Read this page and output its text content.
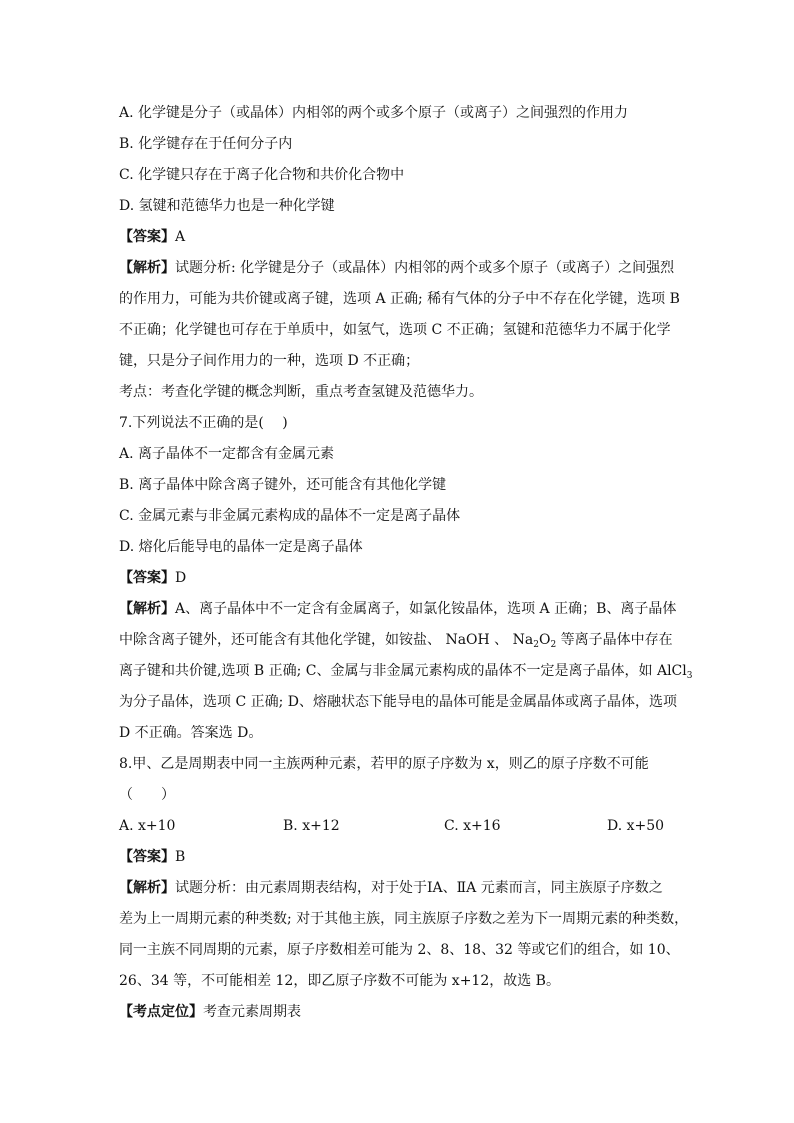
A. 化学键是分子（或晶体）内相邻的两个或多个原子（或离子）之间强烈的作用力
B. 化学键存在于任何分子内
C. 化学键只存在于离子化合物和共价化合物中
D. 氢键和范德华力也是一种化学键
【答案】A
【解析】试题分析: 化学键是分子（或晶体）内相邻的两个或多个原子（或离子）之间强烈
的作用力，可能为共价键或离子键，选项 A 正确; 稀有气体的分子中不存在化学键，选项 B
不正确；化学键也可存在于单质中，如氢气，选项 C 不正确；氢键和范德华力不属于化学
键，只是分子间作用力的一种，选项 D 不正确；
考点：考查化学键的概念判断，重点考查氢键及范德华力。
7.下列说法不正确的是(　 )
A. 离子晶体不一定都含有金属元素
B. 离子晶体中除含离子键外，还可能含有其他化学键
C. 金属元素与非金属元素构成的晶体不一定是离子晶体
D. 熔化后能导电的晶体一定是离子晶体
【答案】D
【解析】A、离子晶体中不一定含有金属离子，如氯化铵晶体，选项 A 正确；B、离子晶体
中除含离子键外，还可能含有其他化学键，如铵盐、 NaOH 、 $Na_2O_2$ 等离子晶体中存在
离子键和共价键,选项 B 正确; C、金属与非金属元素构成的晶体不一定是离子晶体，如 AlCl$_3$
为分子晶体，选项 C 正确; D、熔融状态下能导电的晶体可能是金属晶体或离子晶体，选项
D 不正确。答案选 D。
8.甲、乙是周期表中同一主族两种元素，若甲的原子序数为 x，则乙的原子序数不可能
（　　）
A. x+10	B. x+12	C. x+16	D. x+50
【答案】B
【解析】试题分析：由元素周期表结构，对于处于ⅠA、ⅡA 元素而言，同主族原子序数之
差为上一周期元素的种类数; 对于其他主族，同主族原子序数之差为下一周期元素的种类数，
同一主族不同周期的元素，原子序数相差可能为 2、8、18、32 等或它们的组合，如 10、
26、34 等，不可能相差 12，即乙原子序数不可能为 x+12，故选 B。
【考点定位】考查元素周期表
